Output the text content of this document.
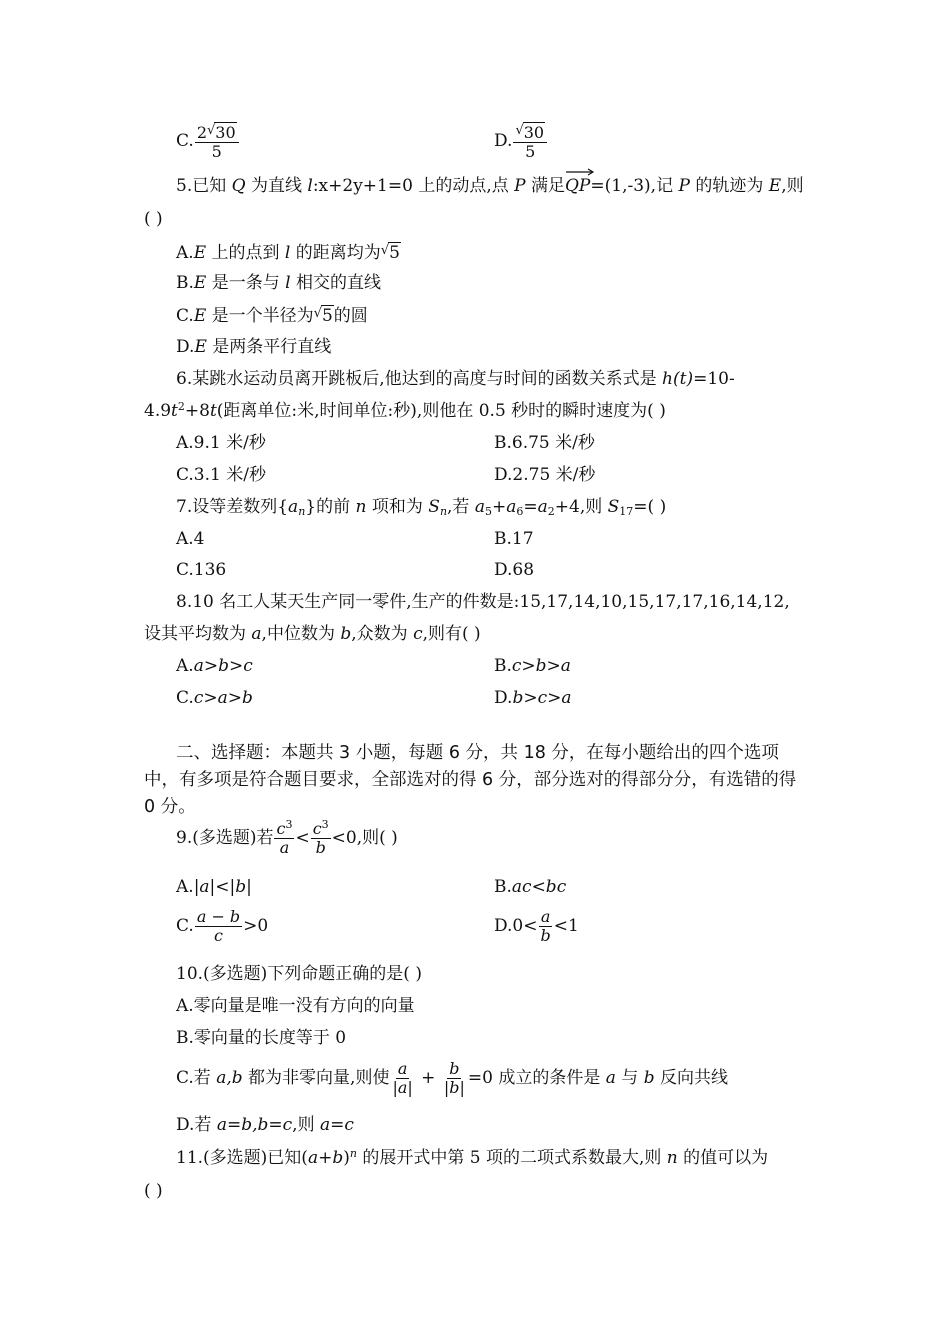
C. $\frac{2^√30}{5}$	D. $\frac{^√30}{5}$
5.已知 Q 为直线 l:x+2y+1=0 上的动点,点 P 满足
QP=(1,-3),记 P 的轨迹为 E,则
( )
A.E 上的点到 l 的距离均为√5
B.E 是一条与 l 相交的直线
C.E 是一个半径为√5的圆
D.E 是两条平行直线
6.某跳水运动员离开跳板后,他达到的高度与时间的函数关系式是 h(t)=10-
$4.9t^2+8t$(距离单位:米,时间单位:秒),则他在 0.5 秒时的瞬时速度为( )
A.9.1 米/秒	B.6.75 米/秒
C.3.1 米/秒	D.2.75 米/秒
7.设等差数列$\{a_n\}$的前 n 项和为 $S_n$,若 $a_5+a_6=a_2+4$,则 $S_{17}=$( )
A.4	B.17
C.136	D.68
8.10 名工人某天生产同一零件,生产的件数是:15,17,14,10,15,17,17,16,14,12,
设其平均数为 a,中位数为 b,众数为 c,则有( )
A.a>b>c	B.c>b>a
C.c>a>b	D.b>c>a
二、选择题：本题共 3 小题，每题 6 分，共 18 分，在每小题给出的四个选项中，有多项是符合题目要求，全部选对的得 6 分，部分选对的得部分分，有选错的得 0 分。
9.(多选题)若 $\frac{c^3}{a} < \frac{c^3}{b} <0$,则( )
A.|a|<|b|	B.ac<bc
C. $\frac{a - b}{c} >0$	$D.0< \frac{a}{b} <1$
10.(多选题)下列命题正确的是( )
A.零向量是唯一没有方向的向量
B.零向量的长度等于 0
C.若 a,b 都为非零向量,则使 $\frac{a}{|a|} + \frac{b}{|b|} =0$ 成立的条件是 a 与 b 反向共线
D.若 a=b,b=c,则 a=c
11.(多选题)已知$(a+b)^n$ 的展开式中第 5 项的二项式系数最大,则 n 的值可以为
( )
